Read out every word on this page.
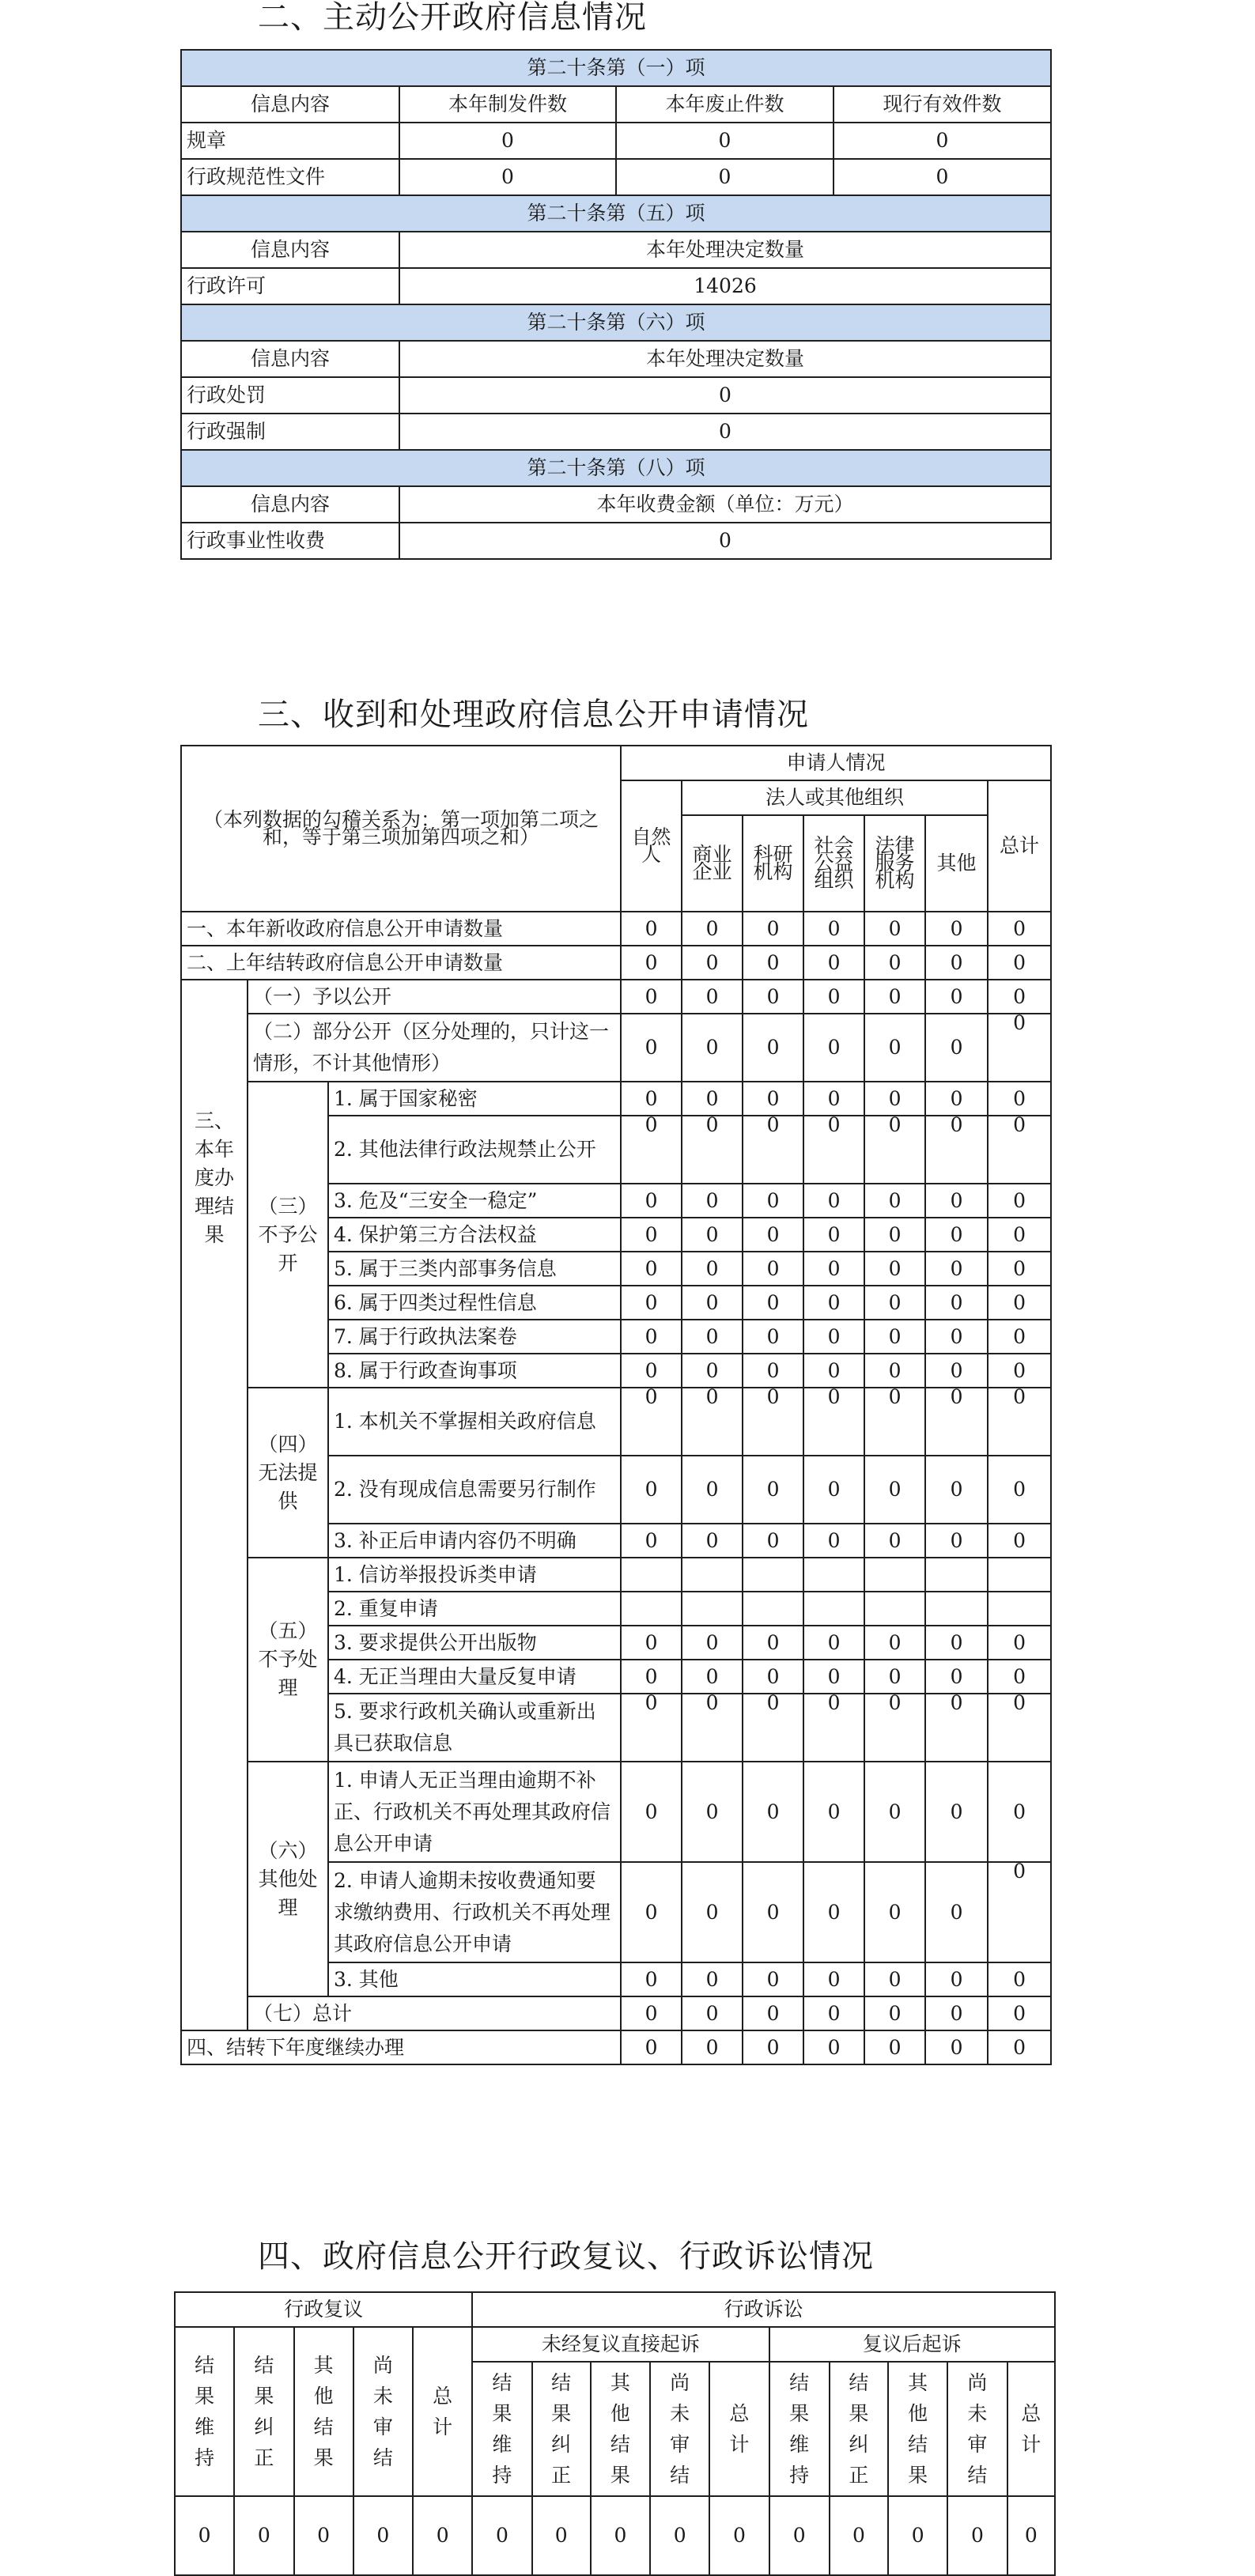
二、主动公开政府信息情况
第二十条第（一）项			
信息内容	本年制发件数	本年废止件数	现行有效件数
规章	0	0	0
行政规范性文件	0	0	0
第二十条第（五）项			
信息内容	本年处理决定数量		
行政许可	14026		
第二十条第（六）项			
信息内容	本年处理决定数量		
行政处罚	0		
行政强制	0		
第二十条第（八）项			
信息内容	本年收费金额（单位：万元）		
行政事业性收费	0		
三、收到和处理政府信息公开申请情况
（本列数据的勾稽关系为：第一项加第二项之和，等于第三项加第四项之和）			申请人情况						
			自然人	法人或其他组织					总计
				商业企业	科研机构	社会公益组织	法律服务机构	其他	
一、本年新收政府信息公开申请数量			0	0	0	0	0	0	0
二、上年结转政府信息公开申请数量			0	0	0	0	0	0	0

三、本年度办理结果	（一）予以公开		0	0	0	0	0	0	0
	（二）部分公开（区分处理的，只计这一情形，不计其他情形）		0	0	0	0	0	0	0
	（三）不予公开	1. 属于国家秘密	0	0	0	0	0	0	0
		2. 其他法律行政法规禁止公开	0	0	0	0	0	0	0
		3. 危及“三安全一稳定”	0	0	0	0	0	0	0
		4. 保护第三方合法权益	0	0	0	0	0	0	0
		5. 属于三类内部事务信息	0	0	0	0	0	0	0
		6. 属于四类过程性信息	0	0	0	0	0	0	0
		7. 属于行政执法案卷	0	0	0	0	0	0	0
		8. 属于行政查询事项	0	0	0	0	0	0	0
	（四）无法提供	1. 本机关不掌握相关政府信息	0	0	0	0	0	0	0
		2. 没有现成信息需要另行制作	0	0	0	0	0	0	0
		3. 补正后申请内容仍不明确	0	0	0	0	0	0	0
	（五）不予处理	1. 信访举报投诉类申请							
		2. 重复申请							
		3. 要求提供公开出版物	0	0	0	0	0	0	0
		4. 无正当理由大量反复申请	0	0	0	0	0	0	0
		5. 要求行政机关确认或重新出具已获取信息	0	0	0	0	0	0	0
	（六）其他处理	1. 申请人无正当理由逾期不补正、行政机关不再处理其政府信息公开申请	0	0	0	0	0	0	0
		2. 申请人逾期未按收费通知要求缴纳费用、行政机关不再处理其政府信息公开申请	0	0	0	0	0	0	0
		3. 其他	0	0	0	0	0	0	0
	（七）总计		0	0	0	0	0	0	0
四、结转下年度继续办理			0	0	0	0	0	0	0
四、政府信息公开行政复议、行政诉讼情况
行政复议					行政诉讼									

结果维持	结果纠正	其他结果	尚未审结	总计	未经复议直接起诉					复议后起诉				

					结果维持	结果纠正	其他结果	尚未审结	总计	结果维持	结果纠正	其他结果	尚未审结	总计

0	0	0	0	0	0	0	0	0	0	0	0	0	0	0
